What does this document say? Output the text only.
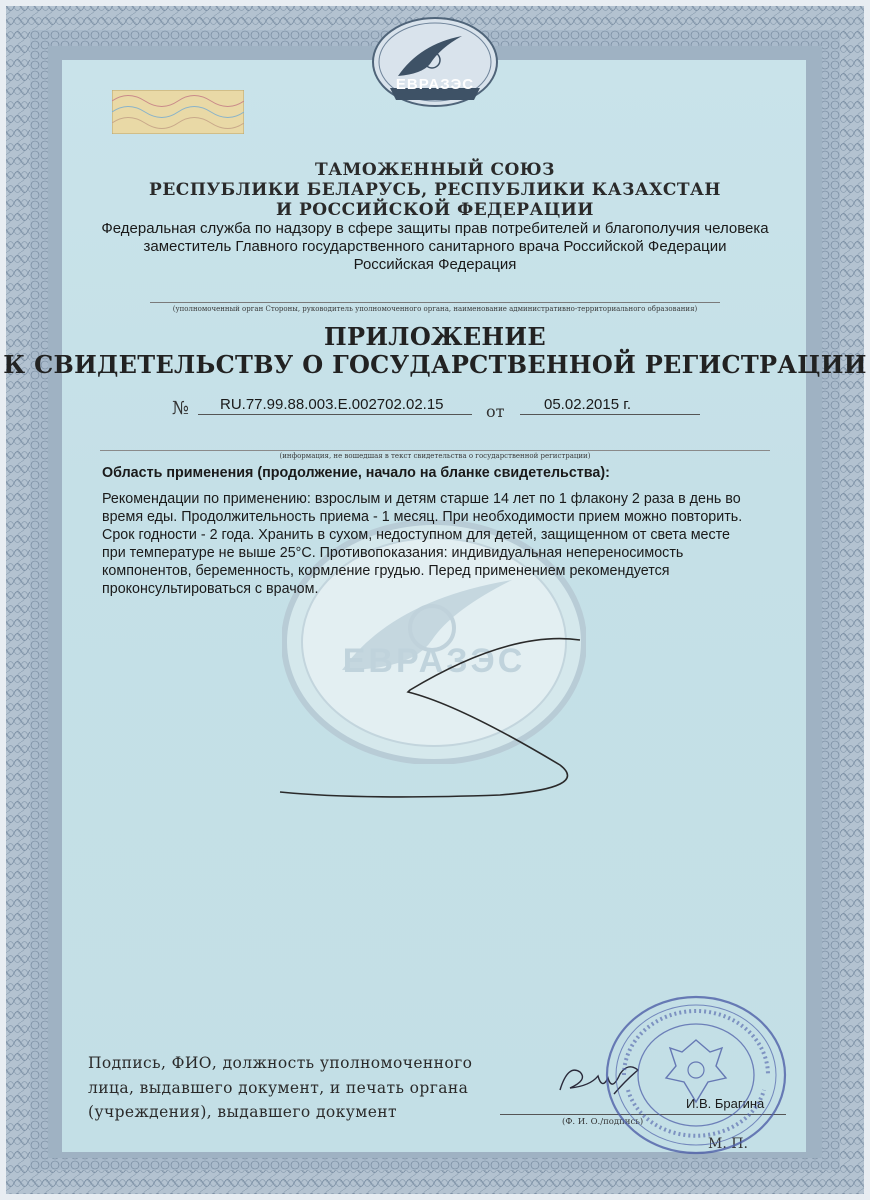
ЕВРАЗЭС
ТАМОЖЕННЫЙ СОЮЗ
РЕСПУБЛИКИ БЕЛАРУСЬ, РЕСПУБЛИКИ КАЗАХСТАН
И РОССИЙСКОЙ ФЕДЕРАЦИИ
Федеральная служба по надзору в сфере защиты прав потребителей и благополучия человека
заместитель Главного государственного санитарного врача Российской Федерации
Российская Федерация
(уполномоченный орган Стороны, руководитель уполномоченного органа, наименование административно-территориального образования)
ПРИЛОЖЕНИЕ
К СВИДЕТЕЛЬСТВУ О ГОСУДАРСТВЕННОЙ РЕГИСТРАЦИИ
№ RU.77.99.88.003.E.002702.02.15	от	05.02.2015 г.
(информация, не вошедшая в текст свидетельства о государственной регистрации)
ЕВРАЗЭС
Область применения (продолжение, начало на бланке свидетельства):
Рекомендации по применению: взрослым и детям старше 14 лет по 1 флакону 2 раза в день во
время еды. Продолжительность приема - 1 месяц. При необходимости прием можно повторить.
Срок годности - 2 года. Хранить в сухом, недоступном для детей, защищенном от света месте
при температуре не выше 25°С. Противопоказания: индивидуальная непереносимость
компонентов, беременность, кормление грудью. Перед применением рекомендуется
проконсультироваться с врачом.
Подпись, ФИО, должность уполномоченного
лица, выдавшего документ, и печать органа
(учреждения), выдавшего документ	И.В. Брагина
(Ф. И. О./подпись)
М. П.
